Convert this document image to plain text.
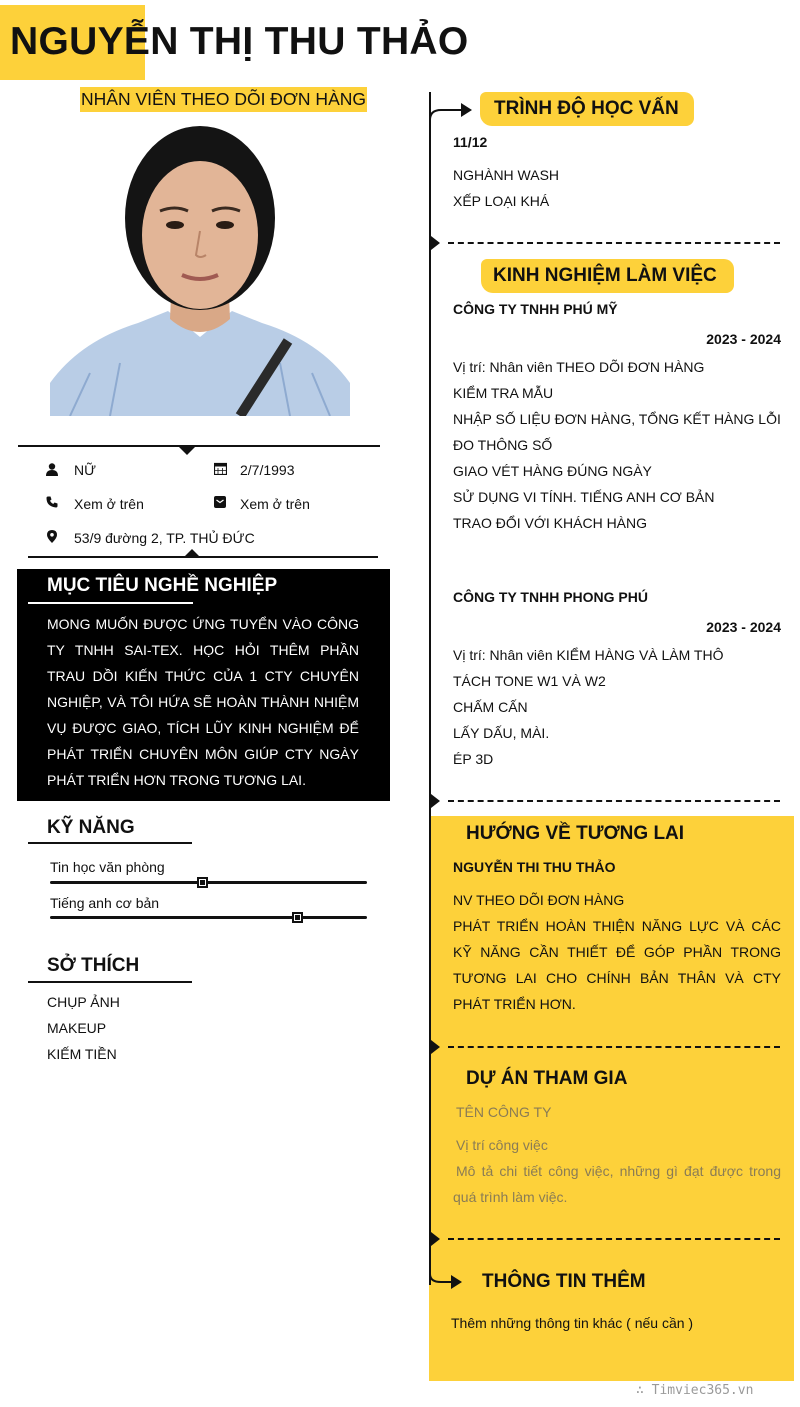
NGUYỄN THỊ THU THẢO
NHÂN VIÊN THEO DÕI ĐƠN HÀNG
NỮ	2/7/1993
Xem ở trên	Xem ở trên
53/9 đường 2, TP. THỦ ĐỨC
MỤC TIÊU NGHỀ NGHIỆP
MONG MUỐN ĐƯỢC ỨNG TUYỂN VÀO CÔNG TY TNHH SAI-TEX. HỌC HỎI THÊM PHẦN TRAU DỒI KIẾN THỨC CỦA 1 CTY CHUYÊN NGHIỆP, VÀ TÔI HỨA SẼ HOÀN THÀNH NHIỆM VỤ ĐƯỢC GIAO, TÍCH LŨY KINH NGHIỆM ĐỂ PHÁT TRIỂN CHUYÊN MÔN GIÚP CTY NGÀY PHÁT TRIỂN HƠN TRONG TƯƠNG LAI.
KỸ NĂNG
Tin học văn phòng
Tiếng anh cơ bản
SỞ THÍCH
CHỤP ẢNH
MAKEUP
KIẾM TIỀN
TRÌNH ĐỘ HỌC VẤN
11/12
NGHÀNH WASH
XẾP LOẠI KHÁ
KINH NGHIỆM LÀM VIỆC
CÔNG TY TNHH PHÚ MỸ
2023 - 2024
Vị trí: Nhân viên THEO DÕI ĐƠN HÀNG
KIỂM TRA MẪU
NHẬP SỐ LIỆU ĐƠN HÀNG, TỔNG KẾT HÀNG LỖI
ĐO THÔNG SỐ
GIAO VÉT HÀNG ĐÚNG NGÀY
SỬ DỤNG VI TÍNH. TIẾNG ANH CƠ BẢN
TRAO ĐỔI VỚI KHÁCH HÀNG
CÔNG TY TNHH PHONG PHÚ
2023 - 2024
Vị trí: Nhân viên KIỂM HÀNG VÀ LÀM THÔ
TÁCH TONE W1 VÀ W2
CHẤM CẤN
LẤY DẤU, MÀI.
ÉP 3D
HƯỚNG VỀ TƯƠNG LAI
NGUYỄN THI THU THẢO
NV THEO DÕI ĐƠN HÀNG
PHÁT TRIỂN HOÀN THIỆN NĂNG LỰC VÀ CÁC KỸ NĂNG CẦN THIẾT ĐỂ GÓP PHẦN TRONG TƯƠNG LAI CHO CHÍNH BẢN THÂN VÀ CTY PHÁT TRIỂN HƠN.
DỰ ÁN THAM GIA
TÊN CÔNG TY
Vị trí công việc
Mô tả chi tiết công việc, những gì đạt được trong quá trình làm việc.
THÔNG TIN THÊM
Thêm những thông tin khác ( nếu cần )
∴ Timviec365.vn
